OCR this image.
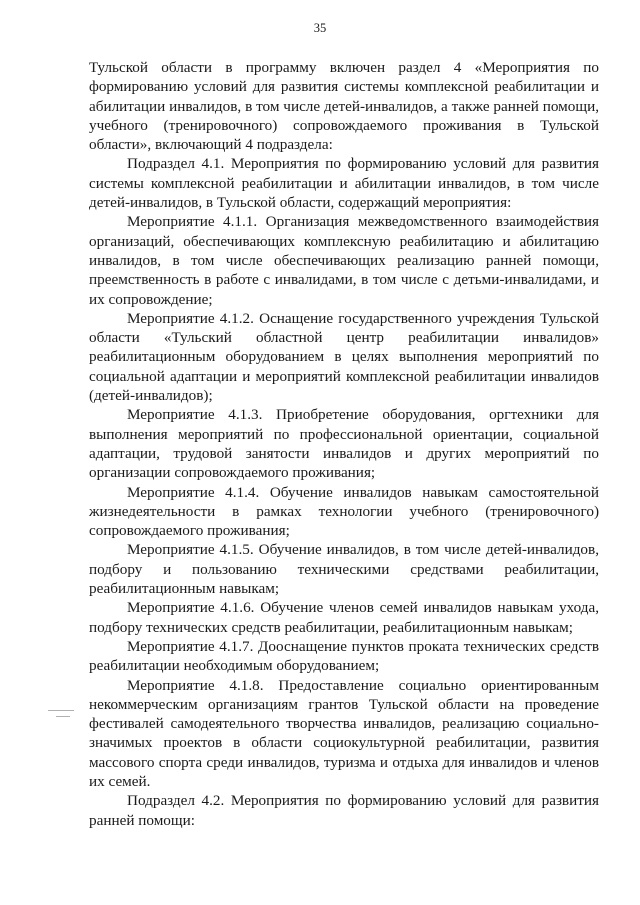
35

Тульской области в программу включен раздел 4 «Мероприятия по формированию условий для развития системы комплексной реабилитации и абилитации инвалидов, в том числе детей-инвалидов, а также ранней помощи, учебного (тренировочного) сопровождаемого проживания в Тульской области», включающий 4 подраздела:

Подраздел 4.1. Мероприятия по формированию условий для развития системы комплексной реабилитации и абилитации инвалидов, в том числе детей-инвалидов, в Тульской области, содержащий мероприятия:

Мероприятие 4.1.1. Организация межведомственного взаимодействия организаций, обеспечивающих комплексную реабилитацию и абилитацию инвалидов, в том числе обеспечивающих реализацию ранней помощи, преемственность в работе с инвалидами, в том числе с детьми-инвалидами, и их сопровождение;

Мероприятие 4.1.2. Оснащение государственного учреждения Тульской области «Тульский областной центр реабилитации инвалидов» реабилитационным оборудованием в целях выполнения мероприятий по социальной адаптации и мероприятий комплексной реабилитации инвалидов (детей-инвалидов);

Мероприятие 4.1.3. Приобретение оборудования, оргтехники для выполнения мероприятий по профессиональной ориентации, социальной адаптации, трудовой занятости инвалидов и других мероприятий по организации сопровождаемого проживания;

Мероприятие 4.1.4. Обучение инвалидов навыкам самостоятельной жизнедеятельности в рамках технологии учебного (тренировочного) сопровождаемого проживания;

Мероприятие 4.1.5. Обучение инвалидов, в том числе детей-инвалидов, подбору и пользованию техническими средствами реабилитации, реабилитационным навыкам;

Мероприятие 4.1.6. Обучение членов семей инвалидов навыкам ухода, подбору технических средств реабилитации, реабилитационным навыкам;

Мероприятие 4.1.7. Дооснащение пунктов проката технических средств реабилитации необходимым оборудованием;

Мероприятие 4.1.8. Предоставление социально ориентированным некоммерческим организациям грантов Тульской области на проведение фестивалей самодеятельного творчества инвалидов, реализацию социально-значимых проектов в области социокультурной реабилитации, развития массового спорта среди инвалидов, туризма и отдыха для инвалидов и членов их семей.

Подраздел 4.2. Мероприятия по формированию условий для развития ранней помощи:
